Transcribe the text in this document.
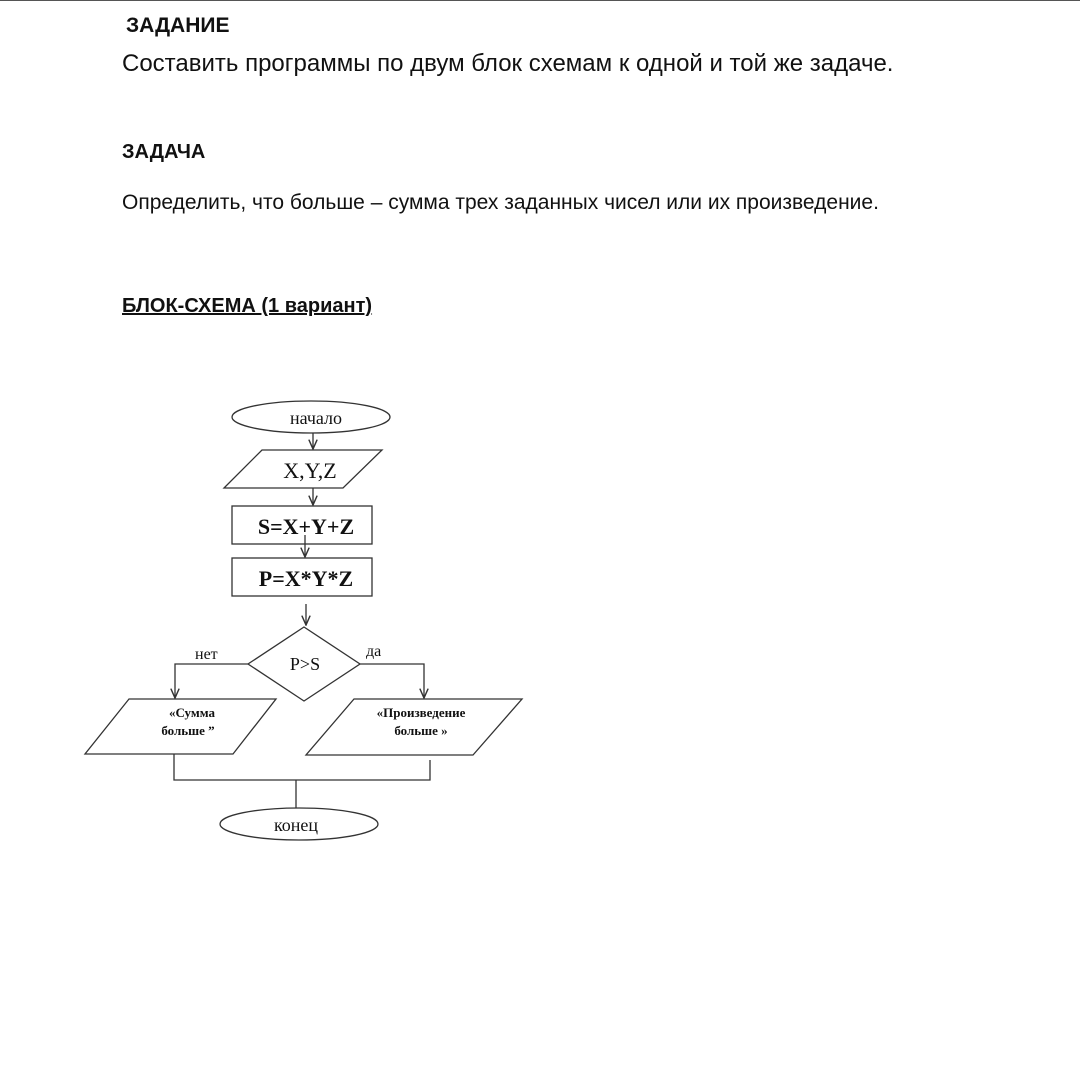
ЗАДАНИЕ
Составить программы по двум блок схемам к одной и той же задаче.
ЗАДАЧА
Определить, что больше – сумма трех заданных чисел или их произведение.
БЛОК-СХЕМА (1 вариант)
начало
X,Y,Z
S=X+Y+Z
P=X*Y*Z
P>S
нет	да
«Сумма
больше ”
«Произведение
больше »
конец
